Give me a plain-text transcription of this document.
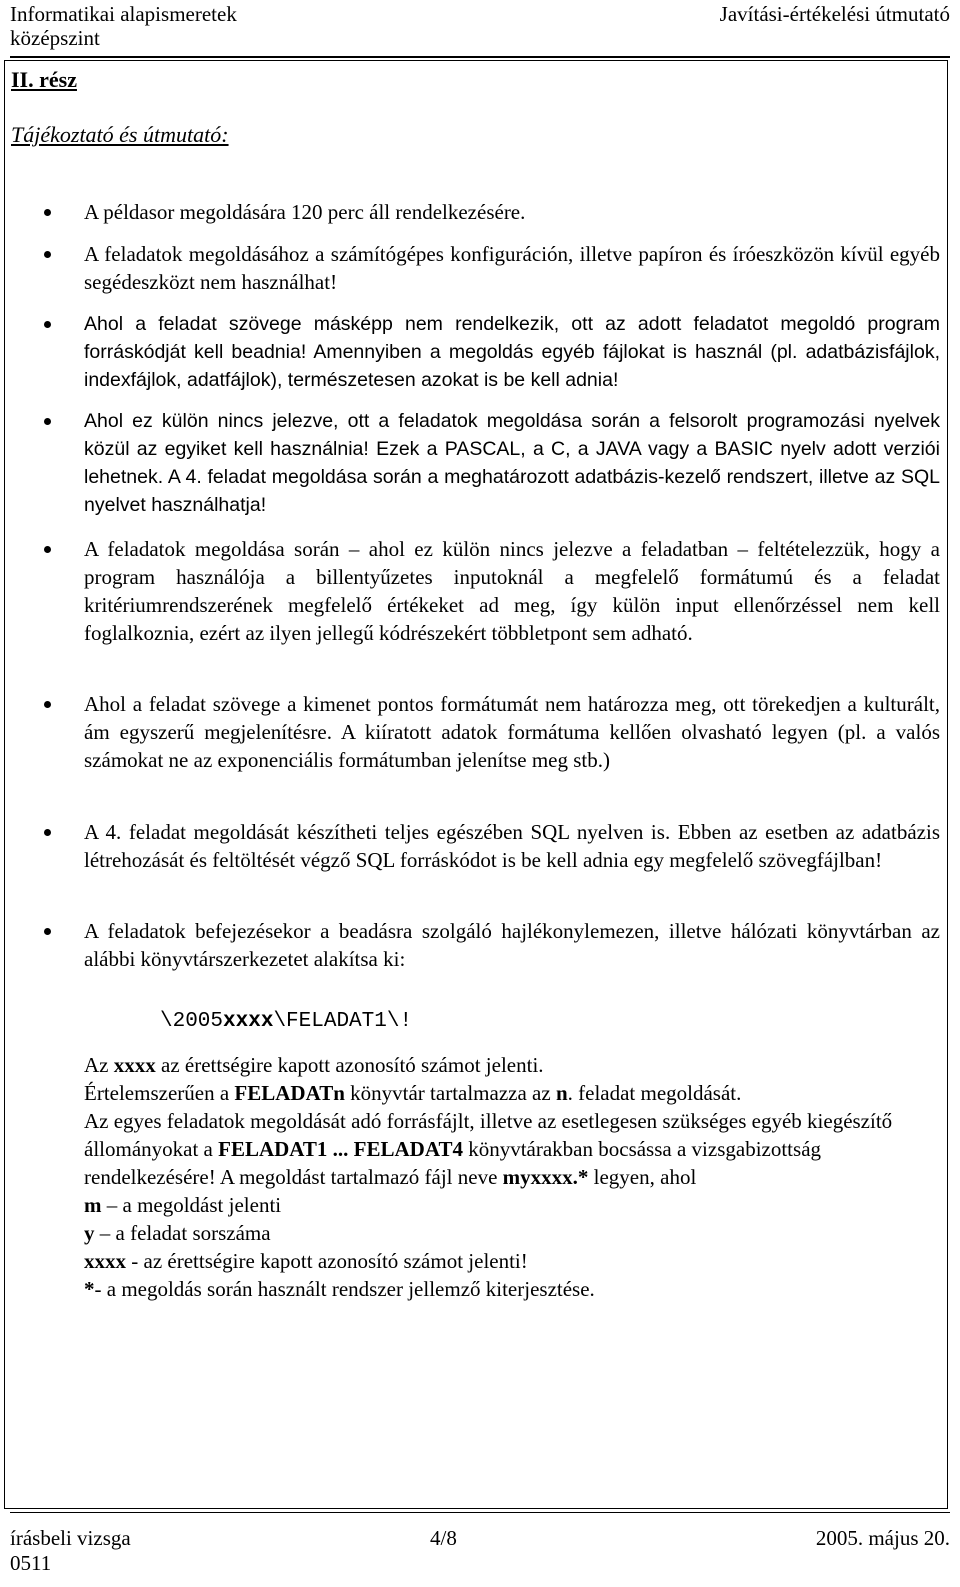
Informatikai alapismeretek
középszint
Javítási-értékelési útmutató
II. rész
Tájékoztató és útmutató:

A példasor megoldására 120 perc áll rendelkezésére.

A feladatok megoldásához a számítógépes konfiguráción, illetve papíron és íróeszközön kívül egyéb segédeszközt nem használhat!

Ahol a feladat szövege másképp nem rendelkezik, ott az adott feladatot megoldó program forráskódját kell beadnia! Amennyiben a megoldás egyéb fájlokat is használ (pl. adatbázisfájlok, indexfájlok, adatfájlok), természetesen azokat is be kell adnia!

Ahol ez külön nincs jelezve, ott a feladatok megoldása során a felsorolt programozási nyelvek közül az egyiket kell használnia! Ezek a PASCAL, a C, a JAVA vagy a BASIC nyelv adott verziói lehetnek. A 4. feladat megoldása során a meghatározott adatbázis-kezelő rendszert, illetve az SQL nyelvet használhatja!

A feladatok megoldása során – ahol ez külön nincs jelezve a feladatban – feltételezzük, hogy a program használója a billentyűzetes inputoknál a megfelelő formátumú és a feladat kritériumrendszerének megfelelő értékeket ad meg, így külön input ellenőrzéssel nem kell foglalkoznia, ezért az ilyen jellegű kódrészekért többletpont sem adható.

Ahol a feladat szövege a kimenet pontos formátumát nem határozza meg, ott törekedjen a kulturált, ám egyszerű megjelenítésre. A kiíratott adatok formátuma kellően olvasható legyen (pl. a valós számokat ne az exponenciális formátumban jelenítse meg stb.)

A 4. feladat megoldását készítheti teljes egészében SQL nyelven is. Ebben az esetben az adatbázis létrehozását és feltöltését végző SQL forráskódot is be kell adnia egy megfelelő szövegfájlban!

A feladatok befejezésekor a beadásra szolgáló hajlékonylemezen, illetve hálózati könyvtárban az alábbi könyvtárszerkezetet alakítsa ki:

\2005xxxx\FELADAT1\!

Az xxxx az érettségire kapott azonosító számot jelenti.

Értelemszerűen a FELADATn könyvtár tartalmazza az n. feladat megoldását.

Az egyes feladatok megoldását adó forrásfájlt, illetve az esetlegesen szükséges egyéb kiegészítő állományokat a FELADAT1 ... FELADAT4 könyvtárakban bocsássa a vizsgabizottság rendelkezésére! A megoldást tartalmazó fájl neve myxxxx.* legyen, ahol

m – a megoldást jelenti

y – a feladat sorszáma

xxxx - az érettségire kapott azonosító számot jelenti!

*- a megoldás során használt rendszer jellemző kiterjesztése.

írásbeli vizsga
0511
4/8	2005. május 20.
